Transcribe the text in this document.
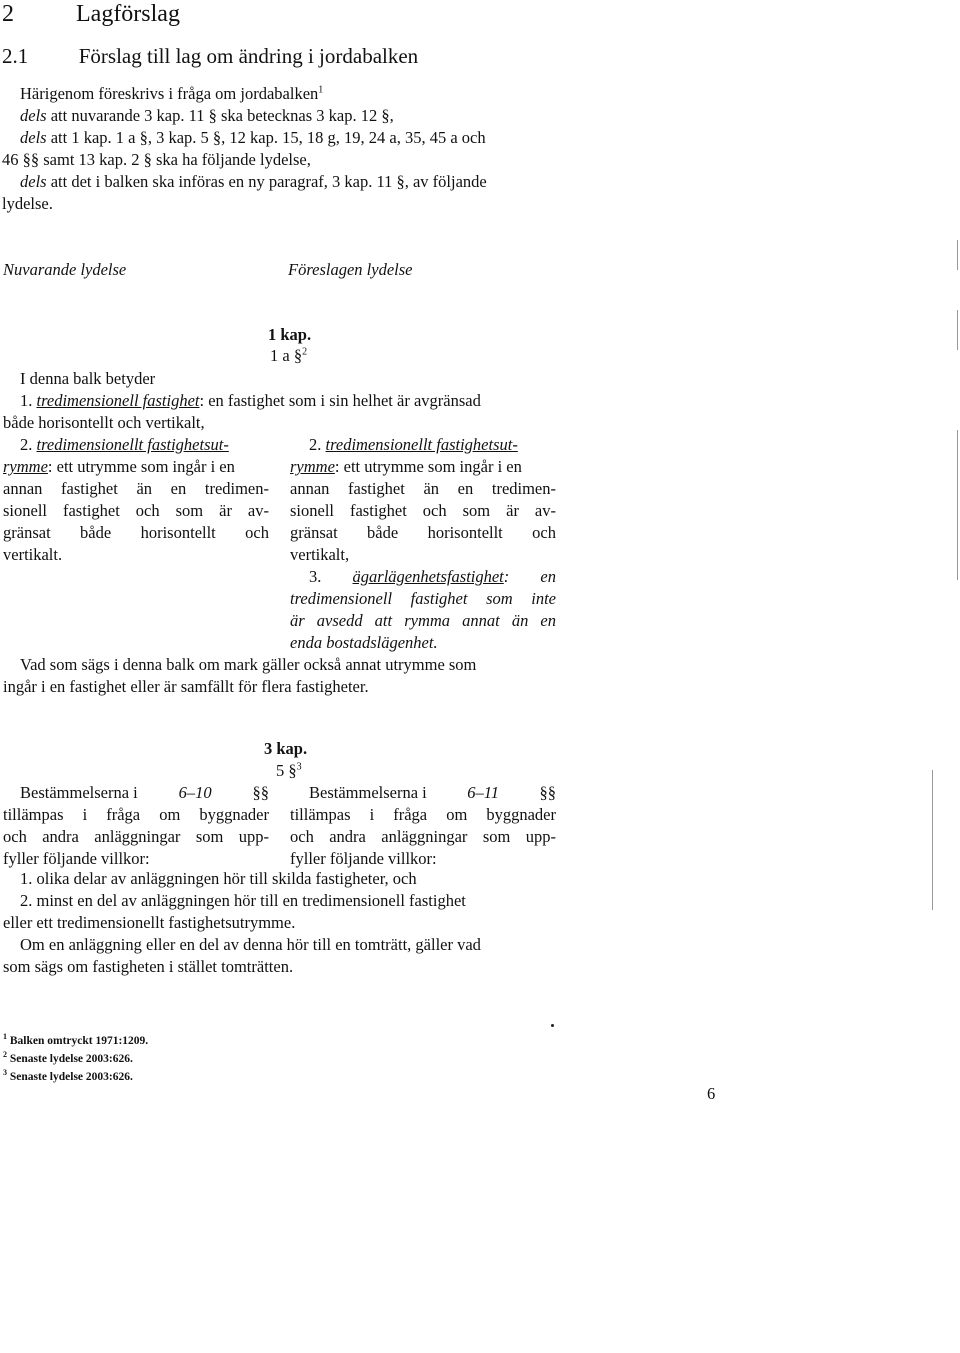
2	Lagförslag
2.1 Förslag till lag om ändring i jordabalken
Härigenom föreskrivs i fråga om jordabalken$^1$
dels att nuvarande 3 kap. 11 § ska betecknas 3 kap. 12 §,
dels att 1 kap. 1 a §, 3 kap. 5 §, 12 kap. 15, 18 g, 19, 24 a, 35, 45 a och
46 §§ samt 13 kap. 2 § ska ha följande lydelse,
dels att det i balken ska införas en ny paragraf, 3 kap. 11 §, av följande
lydelse.
Nuvarande lydelse	Föreslagen lydelse
1 kap.
1 a §$^2$
I denna balk betyder
1. tredimensionell fastighet: en fastighet som i sin helhet är avgränsad
både horisontellt och vertikalt,
2. tredimensionellt fastighetsut-
rymme: ett utrymme som ingår i en
annan fastighet än en tredimen-
sionell fastighet och som är av-
gränsat både horisontellt och
vertikalt.
2. tredimensionellt fastighetsut-
rymme: ett utrymme som ingår i en
annan fastighet än en tredimen-
sionell fastighet och som är av-
gränsat både horisontellt och
vertikalt,
3. ägarlägenhetsfastighet: en
tredimensionell fastighet som inte
är avsedd att rymma annat än en
enda bostadslägenhet.
Vad som sägs i denna balk om mark gäller också annat utrymme som
ingår i en fastighet eller är samfällt för flera fastigheter.
3 kap.
5 §$^3$
Bestämmelserna i 6–10 §§
tillämpas i fråga om byggnader
och andra anläggningar som upp-
fyller följande villkor:
Bestämmelserna i 6–11 §§
tillämpas i fråga om byggnader
och andra anläggningar som upp-
fyller följande villkor:
1. olika delar av anläggningen hör till skilda fastigheter, och
2. minst en del av anläggningen hör till en tredimensionell fastighet
eller ett tredimensionellt fastighetsutrymme.
Om en anläggning eller en del av denna hör till en tomträtt, gäller vad
som sägs om fastigheten i stället tomträtten.
$^1$ Balken omtryckt 1971:1209.
$^2$ Senaste lydelse 2003:626.
$^3$ Senaste lydelse 2003:626.
6
